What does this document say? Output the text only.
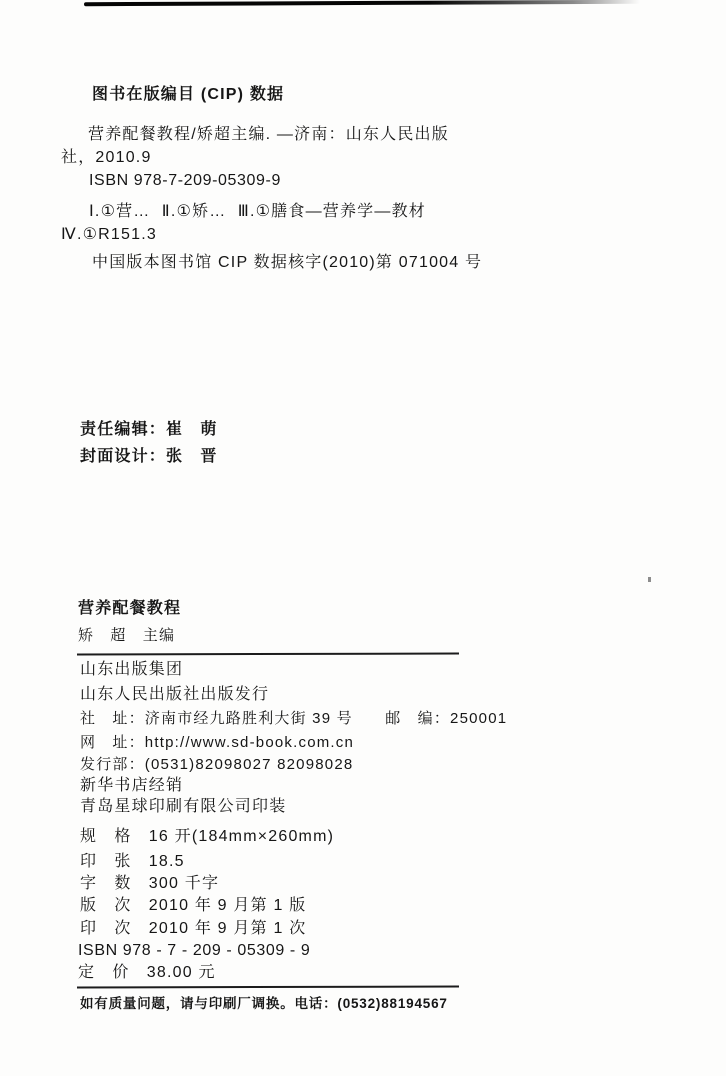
图书在版编目 (CIP) 数据
营养配餐教程/矫超主编. —济南：山东人民出版
社，2010.9
ISBN 978-7-209-05309-9
Ⅰ.①营…  Ⅱ.①矫…  Ⅲ.①膳食—营养学—教材
Ⅳ.①R151.3
中国版本图书馆 CIP 数据核字(2010)第 071004 号
责任编辑：崔　萌
封面设计：张　晋
营养配餐教程
矫　超　主编
山东出版集团
山东人民出版社出版发行
社　址：济南市经九路胜利大街 39 号　　邮　编：250001
网　址：http://www.sd-book.com.cn
发行部：(0531)82098027 82098028
新华书店经销
青岛星球印刷有限公司印装
规　格　16 开(184mm×260mm)
印　张　18.5
字　数　300 千字
版　次　2010 年 9 月第 1 版
印　次　2010 年 9 月第 1 次
ISBN 978 - 7 - 209 - 05309 - 9
定　价　38.00 元
如有质量问题，请与印刷厂调换。电话：(0532)88194567
